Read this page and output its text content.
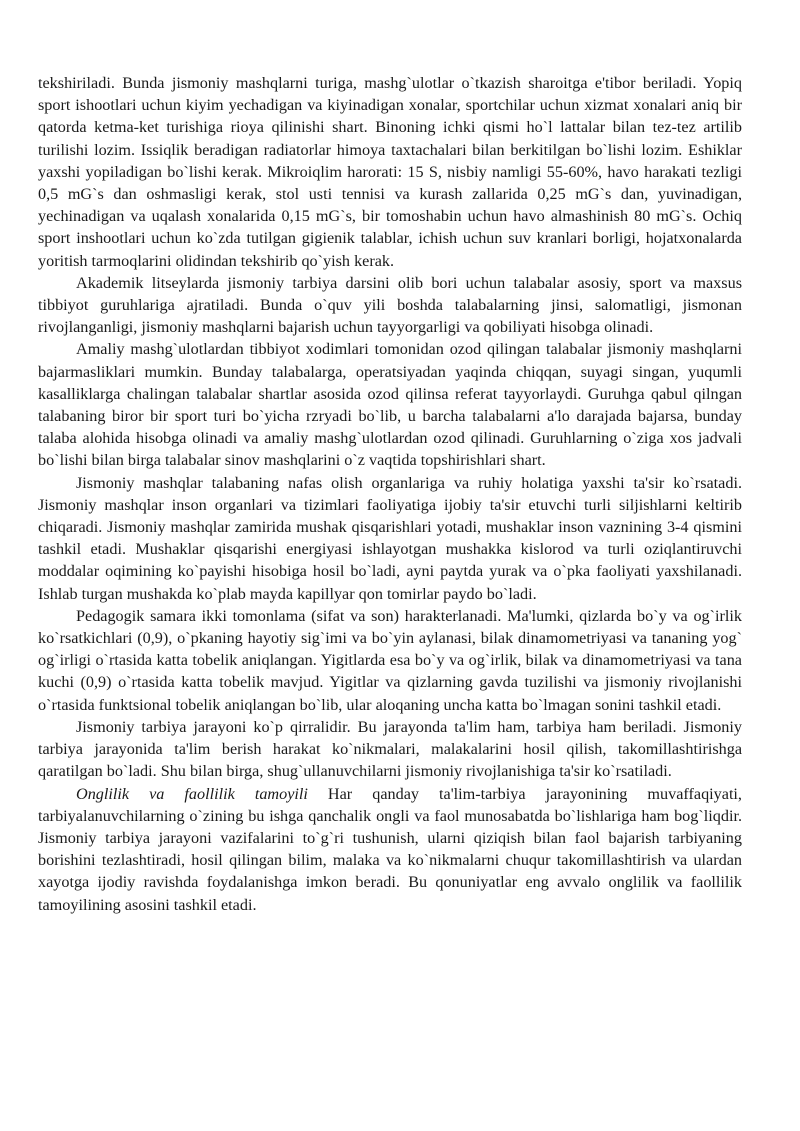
tekshiriladi. Bunda jismoniy mashqlarni turiga, mashg`ulotlar o`tkazish sharoitga e'tibor beriladi. Yopiq sport ishootlari uchun kiyim yechadigan va kiyinadigan xonalar, sportchilar uchun xizmat xonalari aniq bir qatorda ketma-ket turishiga rioya qilinishi shart. Binoning ichki qismi ho`l lattalar bilan tez-tez artilib turilishi lozim. Issiqlik beradigan radiatorlar himoya taxtachalari bilan berkitilgan bo`lishi lozim. Eshiklar yaxshi yopiladigan bo`lishi kerak. Mikroiqlim harorati: 15 S, nisbiy namligi 55-60%, havo harakati tezligi 0,5 mG`s dan oshmasligi kerak, stol usti tennisi va kurash zallarida 0,25 mG`s dan, yuvinadigan, yechinadigan va uqalash xonalarida 0,15 mG`s, bir tomoshabin uchun havo almashinish 80 mG`s. Ochiq sport inshootlari uchun ko`zda tutilgan gigienik talablar, ichish uchun suv kranlari borligi, hojatxonalarda yoritish tarmoqlarini olidindan tekshirib qo`yish kerak.

Akademik litseylarda jismoniy tarbiya darsini olib bori uchun talabalar asosiy, sport va maxsus tibbiyot guruhlariga ajratiladi. Bunda o`quv yili boshda talabalarning jinsi, salomatligi, jismonan rivojlanganligi, jismoniy mashqlarni bajarish uchun tayyorgarligi va qobiliyati hisobga olinadi.

Amaliy mashg`ulotlardan tibbiyot xodimlari tomonidan ozod qilingan talabalar jismoniy mashqlarni bajarmasliklari mumkin. Bunday talabalarga, operatsiyadan yaqinda chiqqan, suyagi singan, yuqumli kasalliklarga chalingan talabalar shartlar asosida ozod qilinsa referat tayyorlaydi. Guruhga qabul qilngan talabaning biror bir sport turi bo`yicha rzryadi bo`lib, u barcha talabalarni a'lo darajada bajarsa, bunday talaba alohida hisobga olinadi va amaliy mashg`ulotlardan ozod qilinadi. Guruhlarning o`ziga xos jadvali bo`lishi bilan birga talabalar sinov mashqlarini o`z vaqtida topshirishlari shart.

Jismoniy mashqlar talabaning nafas olish organlariga va ruhiy holatiga yaxshi ta'sir ko`rsatadi. Jismoniy mashqlar inson organlari va tizimlari faoliyatiga ijobiy ta'sir etuvchi turli siljishlarni keltirib chiqaradi. Jismoniy mashqlar zamirida mushak qisqarishlari yotadi, mushaklar inson vaznining 3-4 qismini tashkil etadi. Mushaklar qisqarishi energiyasi ishlayotgan mushakka kislorod va turli oziqlantiruvchi moddalar oqimining ko`payishi hisobiga hosil bo`ladi, ayni paytda yurak va o`pka faoliyati yaxshilanadi. Ishlab turgan mushakda ko`plab mayda kapillyar qon tomirlar paydo bo`ladi.

Pedagogik samara ikki tomonlama (sifat va son) harakterlanadi. Ma'lumki, qizlarda bo`y va og`irlik ko`rsatkichlari (0,9), o`pkaning hayotiy sig`imi va bo`yin aylanasi, bilak dinamometriyasi va tananing yog` og`irligi o`rtasida katta tobelik aniqlangan. Yigitlarda esa bo`y va og`irlik, bilak va dinamometriyasi va tana kuchi (0,9) o`rtasida katta tobelik mavjud. Yigitlar va qizlarning gavda tuzilishi va jismoniy rivojlanishi o`rtasida funktsional tobelik aniqlangan bo`lib, ular aloqaning uncha katta bo`lmagan sonini tashkil etadi.

Jismoniy tarbiya jarayoni ko`p qirralidir. Bu jarayonda ta'lim ham, tarbiya ham beriladi. Jismoniy tarbiya jarayonida ta'lim berish harakat ko`nikmalari, malakalarini hosil qilish, takomillashtirishga qaratilgan bo`ladi. Shu bilan birga, shug`ullanuvchilarni jismoniy rivojlanishiga ta'sir ko`rsatiladi.

Onglilik va faollilik tamoyili Har qanday ta'lim-tarbiya jarayonining muvaffaqiyati, tarbiyalanuvchilarning o`zining bu ishga qanchalik ongli va faol munosabatda bo`lishlariga ham bog`liqdir. Jismoniy tarbiya jarayoni vazifalarini to`g`ri tushunish, ularni qiziqish bilan faol bajarish tarbiyaning borishini tezlashtiradi, hosil qilingan bilim, malaka va ko`nikmalarni chuqur takomillashtirish va ulardan xayotga ijodiy ravishda foydalanishga imkon beradi. Bu qonuniyatlar eng avvalo onglilik va faollilik tamoyilining asosini tashkil etadi.
